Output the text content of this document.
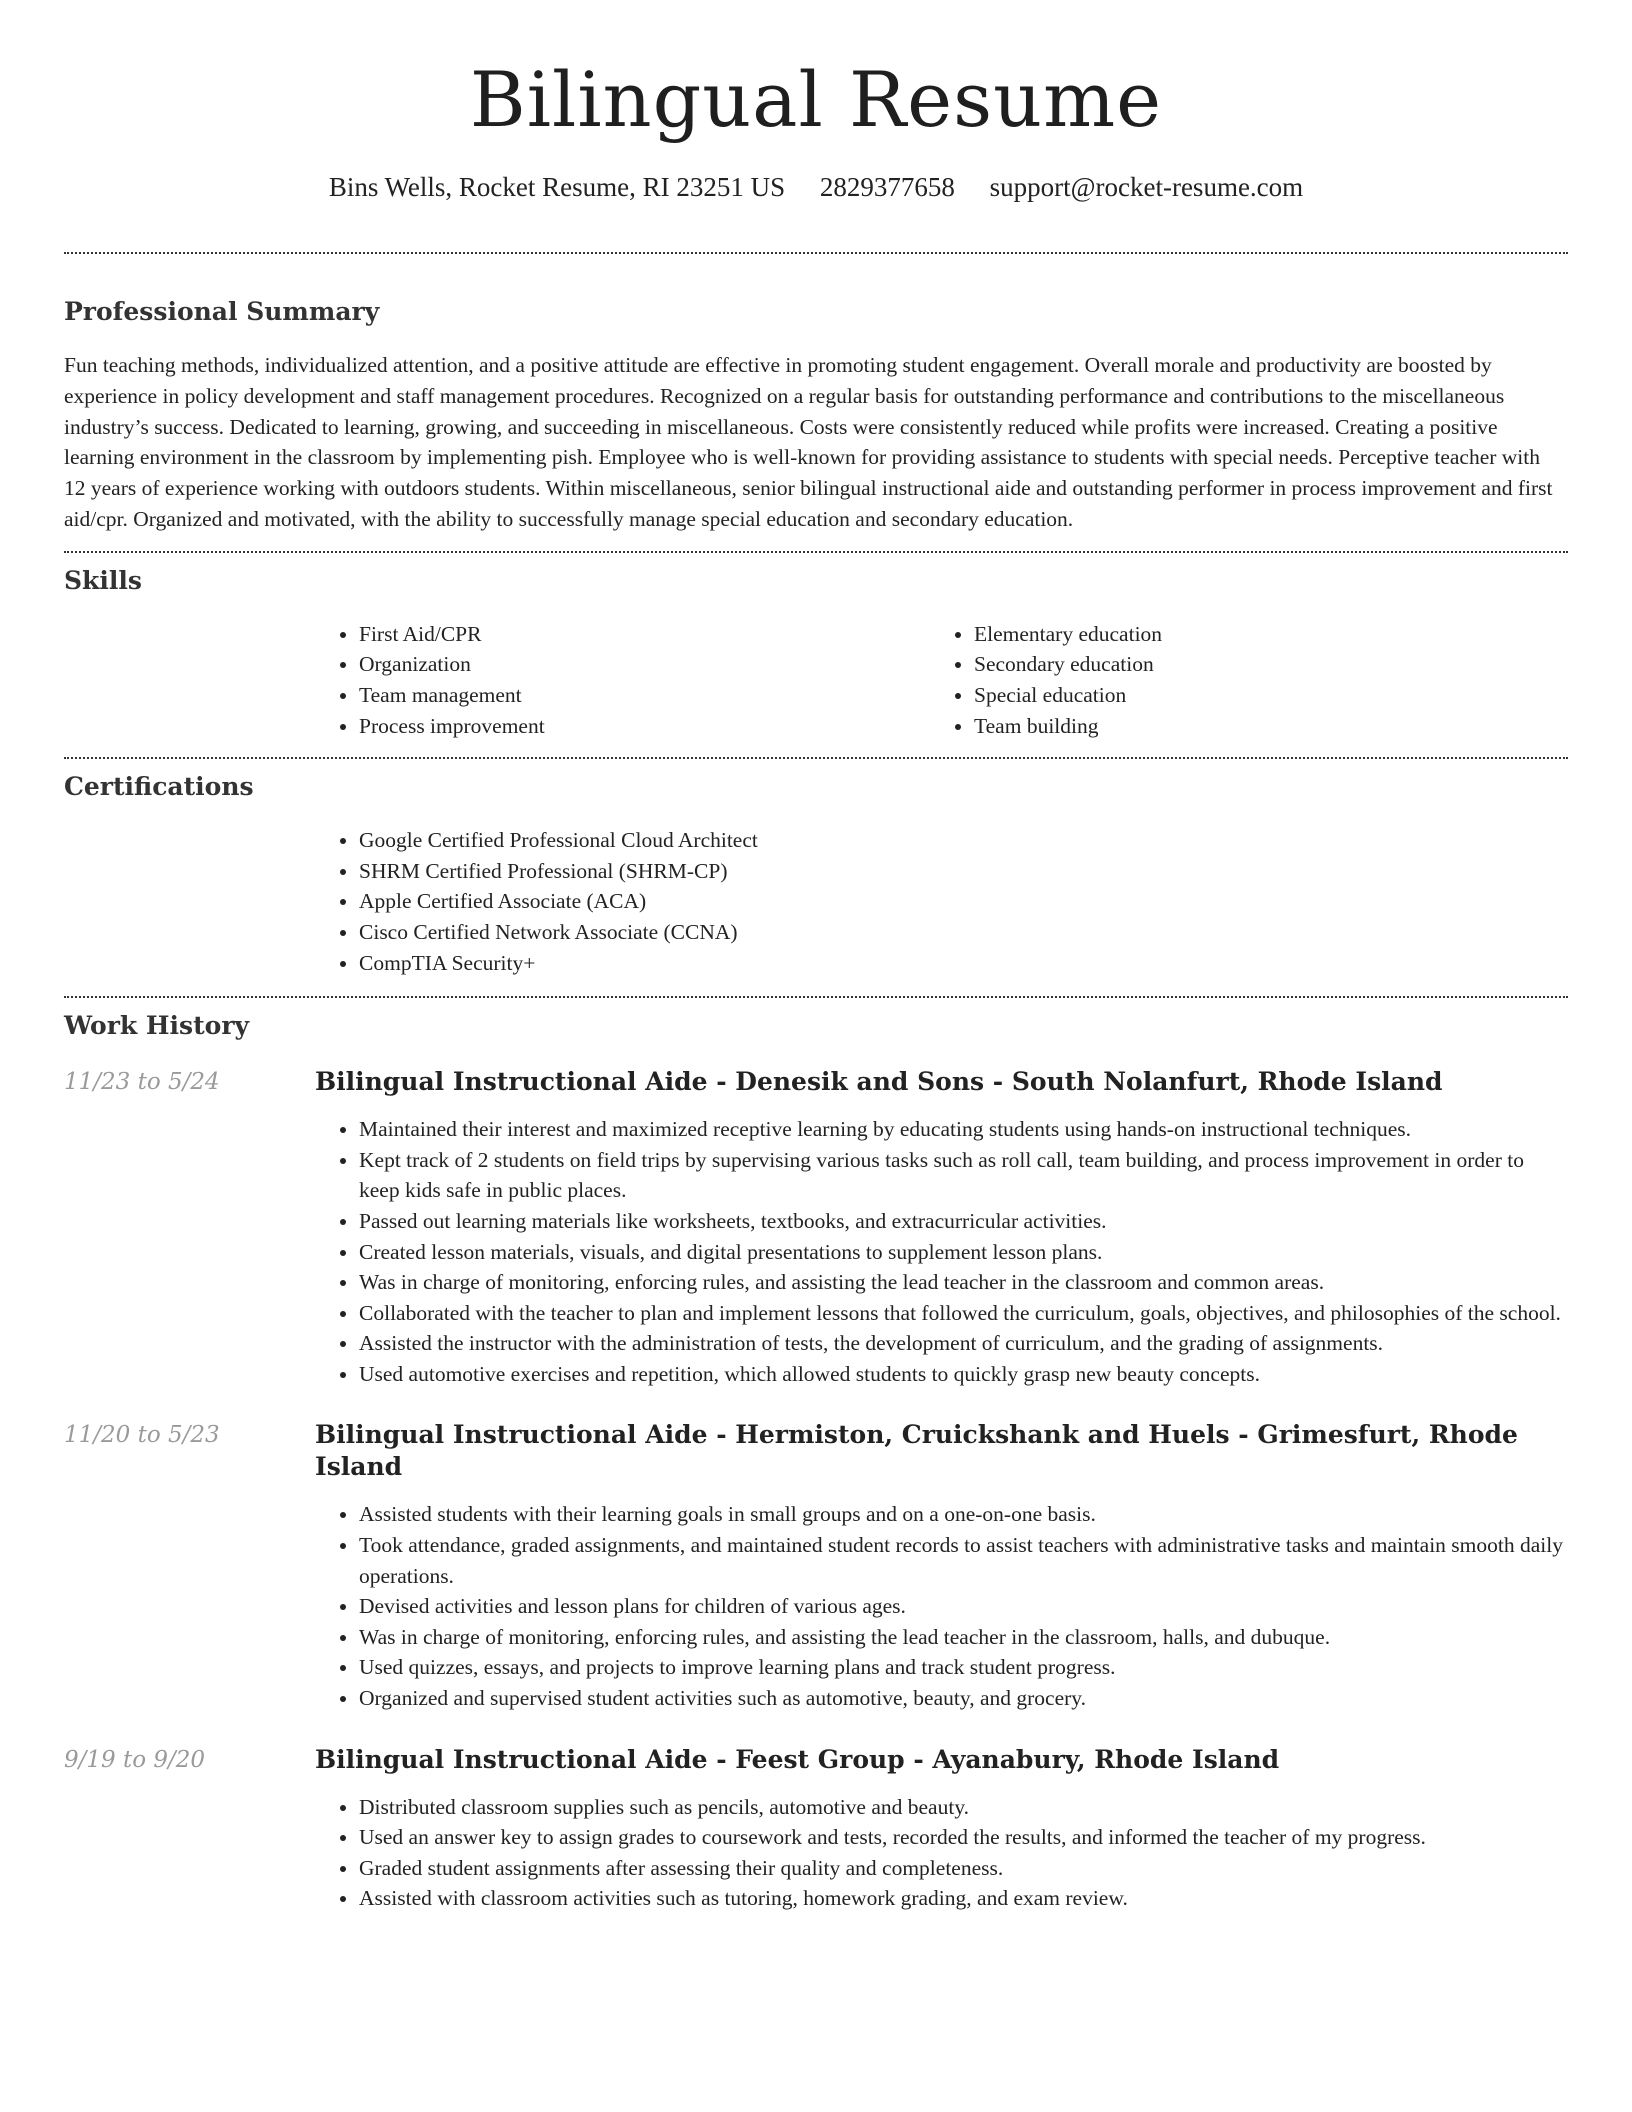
Bilingual Resume
Bins Wells, Rocket Resume, RI 23251 US 2829377658 support@rocket-resume.com
Professional Summary

Fun teaching methods, individualized attention, and a positive attitude are effective in promoting student engagement. Overall morale and productivity are boosted by experience in policy development and staff management procedures. Recognized on a regular basis for outstanding performance and contributions to the miscellaneous industry’s success. Dedicated to learning, growing, and succeeding in miscellaneous. Costs were consistently reduced while profits were increased. Creating a positive learning environment in the classroom by implementing pish. Employee who is well-known for providing assistance to students with special needs. Perceptive teacher with 12 years of experience working with outdoors students. Within miscellaneous, senior bilingual instructional aide and outstanding performer in process improvement and first aid/cpr. Organized and motivated, with the ability to successfully manage special education and secondary education.

Skills
• First Aid/CPR
• Organization
• Team management
• Process improvement
• Elementary education
• Secondary education
• Special education
• Team building
Certifications
• Google Certified Professional Cloud Architect
• SHRM Certified Professional (SHRM-CP)
• Apple Certified Associate (ACA)
• Cisco Certified Network Associate (CCNA)
• CompTIA Security+
Work History
11/23 to 5/24	Bilingual Instructional Aide - Denesik and Sons - South Nolanfurt, Rhode Island
• Maintained their interest and maximized receptive learning by educating students using hands-on instructional techniques.
• Kept track of 2 students on field trips by supervising various tasks such as roll call, team building, and process improvement in order to keep kids safe in public places.
• Passed out learning materials like worksheets, textbooks, and extracurricular activities.
• Created lesson materials, visuals, and digital presentations to supplement lesson plans.
• Was in charge of monitoring, enforcing rules, and assisting the lead teacher in the classroom and common areas.
• Collaborated with the teacher to plan and implement lessons that followed the curriculum, goals, objectives, and philosophies of the school.
• Assisted the instructor with the administration of tests, the development of curriculum, and the grading of assignments.
• Used automotive exercises and repetition, which allowed students to quickly grasp new beauty concepts.
11/20 to 5/23	Bilingual Instructional Aide - Hermiston, Cruickshank and Huels - Grimesfurt, Rhode Island
• Assisted students with their learning goals in small groups and on a one-on-one basis.
• Took attendance, graded assignments, and maintained student records to assist teachers with administrative tasks and maintain smooth daily operations.
• Devised activities and lesson plans for children of various ages.
• Was in charge of monitoring, enforcing rules, and assisting the lead teacher in the classroom, halls, and dubuque.
• Used quizzes, essays, and projects to improve learning plans and track student progress.
• Organized and supervised student activities such as automotive, beauty, and grocery.
9/19 to 9/20	Bilingual Instructional Aide - Feest Group - Ayanabury, Rhode Island
• Distributed classroom supplies such as pencils, automotive and beauty.
• Used an answer key to assign grades to coursework and tests, recorded the results, and informed the teacher of my progress.
• Graded student assignments after assessing their quality and completeness.
• Assisted with classroom activities such as tutoring, homework grading, and exam review.
